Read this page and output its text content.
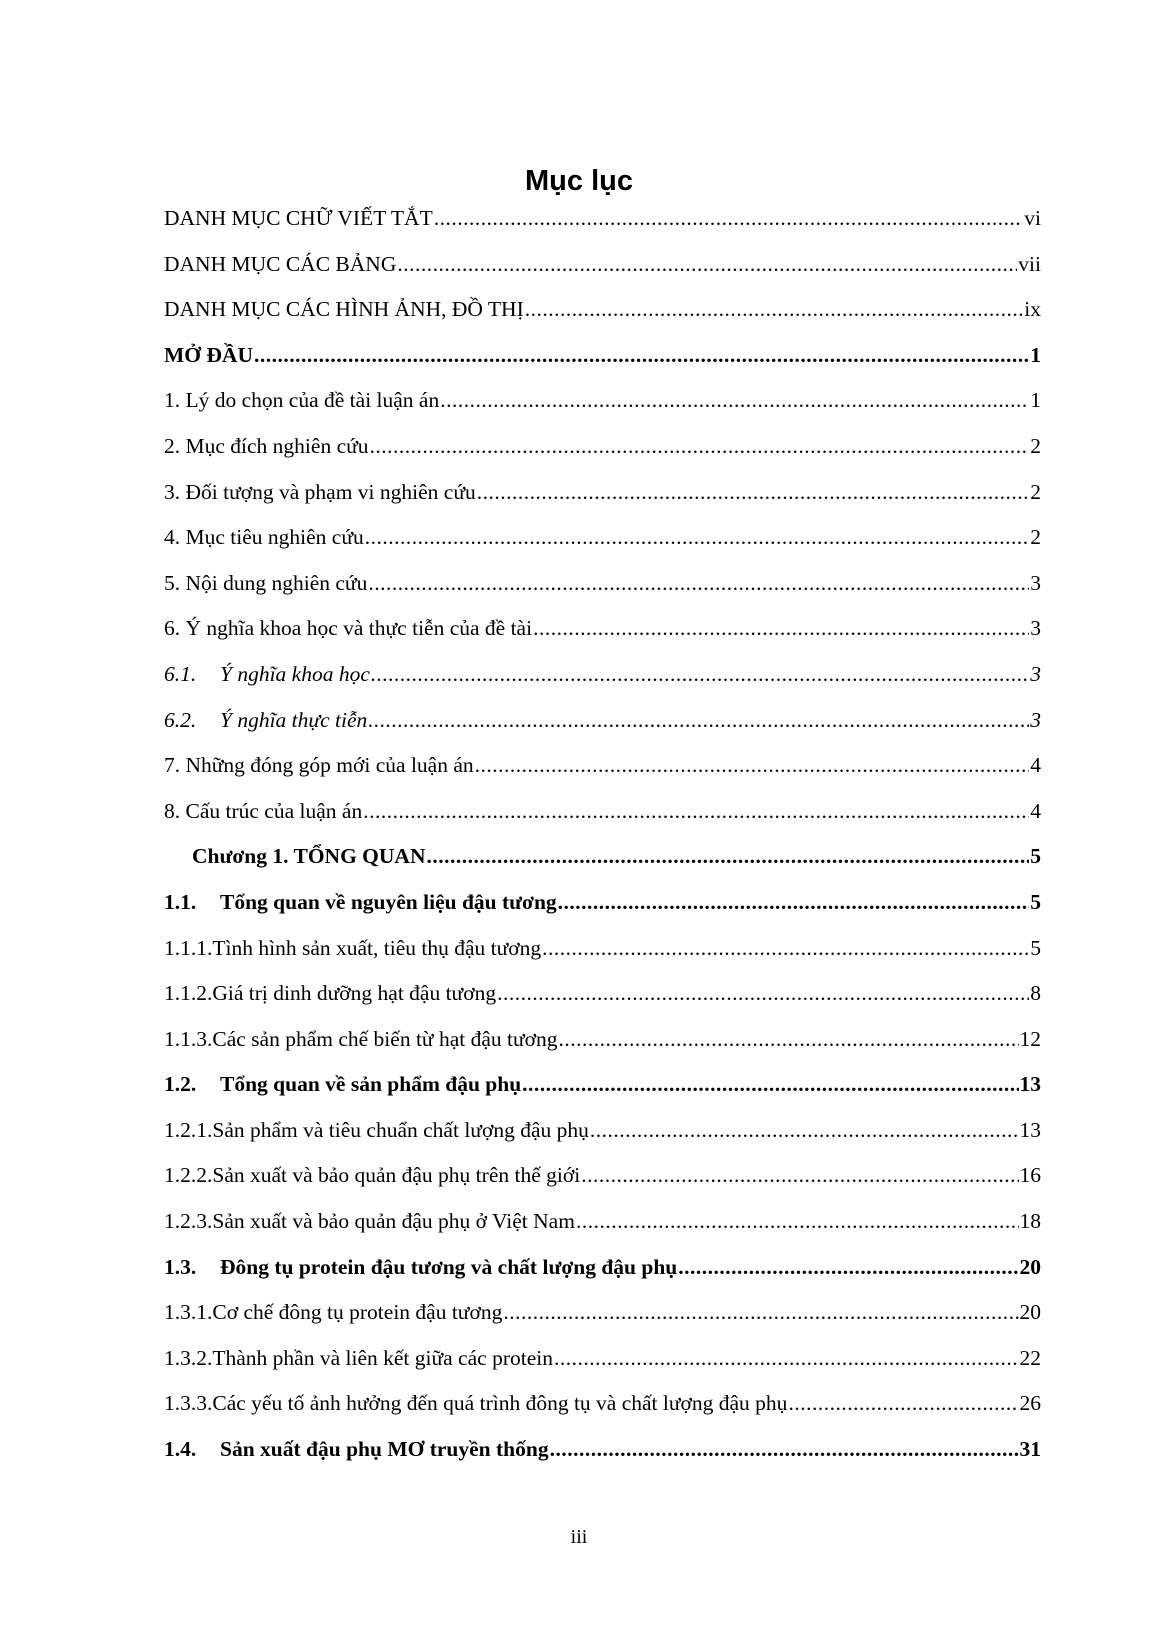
Mục lục
DANH MỤC CHỮ VIẾT TẮT .....	vi
DANH MỤC CÁC BẢNG .....	vii
DANH MỤC CÁC HÌNH ẢNH, ĐỒ THỊ .....	ix
MỞ ĐẦU .....	1
1. Lý do chọn của đề tài luận án .....	1
2. Mục đích nghiên cứu .....	2
3. Đối tượng và phạm vi nghiên cứu .....	2
4. Mục tiêu nghiên cứu .....	2
5. Nội dung nghiên cứu .....	3
6. Ý nghĩa khoa học và thực tiễn của đề tài .....	3
6.1. Ý nghĩa khoa học .....	3
6.2. Ý nghĩa thực tiễn .....	3
7. Những đóng góp mới của luận án .....	4
8. Cấu trúc của luận án .....	4
Chương 1. TỔNG QUAN .....	5
1.1. Tổng quan về nguyên liệu đậu tương .....	5
1.1.1.Tình hình sản xuất, tiêu thụ đậu tương .....	5
1.1.2.Giá trị dinh dưỡng hạt đậu tương .....	8
1.1.3.Các sản phẩm chế biến từ hạt đậu tương .....	12
1.2. Tổng quan về sản phẩm đậu phụ .....	13
1.2.1.Sản phẩm và tiêu chuẩn chất lượng đậu phụ .....	13
1.2.2.Sản xuất và bảo quản đậu phụ trên thế giới .....	16
1.2.3.Sản xuất và bảo quản đậu phụ ở Việt Nam .....	18
1.3. Đông tụ protein đậu tương và chất lượng đậu phụ .....	20
1.3.1.Cơ chế đông tụ protein đậu tương .....	20
1.3.2.Thành phần và liên kết giữa các protein .....	22
1.3.3.Các yếu tố ảnh hưởng đến quá trình đông tụ và chất lượng đậu phụ .....	26
1.4. Sản xuất đậu phụ MƠ truyền thống .....	31
iii
